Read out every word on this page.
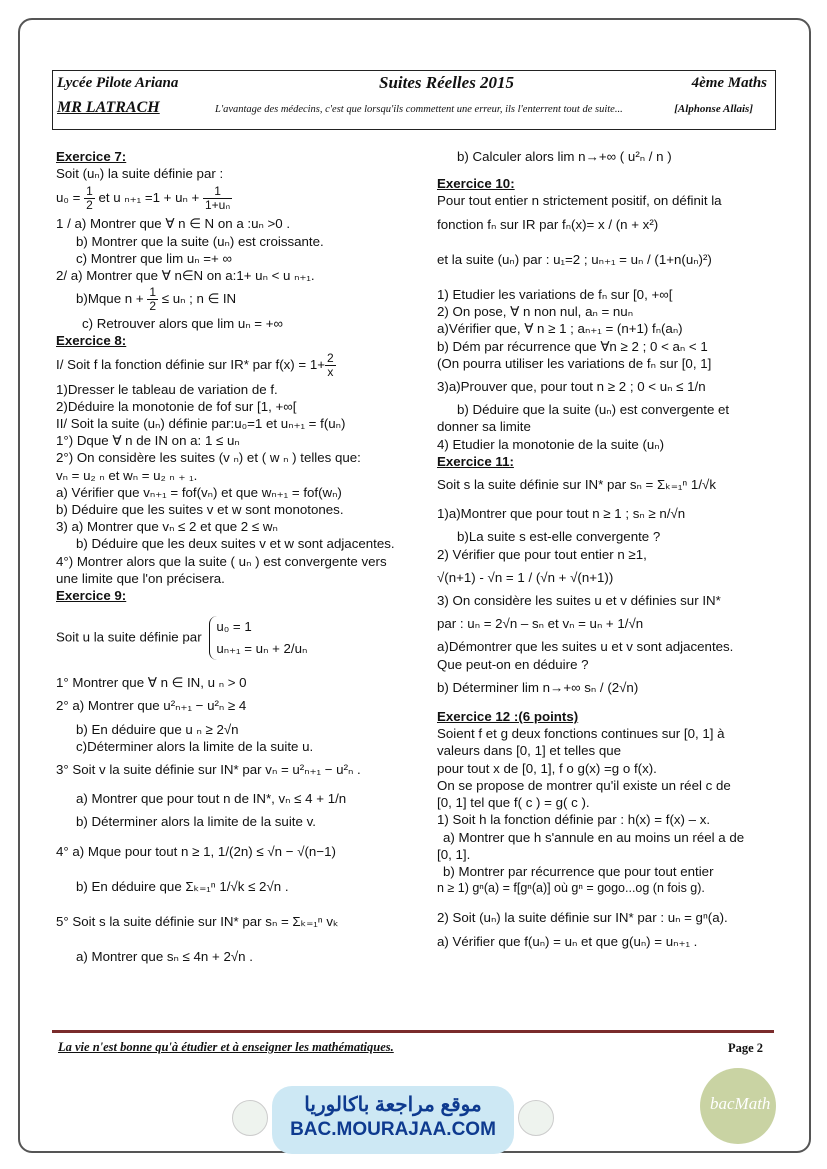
Lycée Pilote Ariana	Suites Réelles 2015	4ème Maths
MR LATRACH	L'avantage des médecins, c'est que lorsqu'ils commettent une erreur, ils l'enterrent tout de suite...	[Alphonse Allais]

Exercice 7:

Soit (uₙ) la suite définie par :

$u_0 = \frac{1}{2}$ et u $_{n+1} =1 + u_n + \frac{1}{\text{1+uₙ}}$

1 / a) Montrer que ∀ n ∈ N on a :uₙ >0 .

b) Montrer que la suite (uₙ) est croissante.

c) Montrer que lim uₙ =+ ∞

2/ a) Montrer que ∀ n∈N on a:1+ uₙ < u ₙ₊₁.

b)Mque $n + \frac{1}{2} \le u_n$ ; n ∈ IN

c) Retrouver alors que lim uₙ = +∞

Exercice 8:

I/ Soit f la fonction définie sur IR* par $f(x) = 1+ \frac{2}{x}$

1)Dresser le tableau de variation de f.

2)Déduire la monotonie de fof sur [1, +∞[

II/ Soit la suite (uₙ) définie par:u₀=1 et uₙ₊₁ = f(uₙ)

1°) Dque ∀ n de IN on a: 1 ≤ uₙ

2°) On considère les suites (v ₙ) et ( w ₙ ) telles que:

vₙ = u₂ ₙ et wₙ = u₂ ₙ ₊ ₁.

a) Vérifier que vₙ₊₁ = fof(vₙ) et que wₙ₊₁ = fof(wₙ)

b) Déduire que les suites v et w sont monotones.

3) a) Montrer que vₙ ≤ 2 et que 2 ≤ wₙ

b) Déduire que les deux suites v et w sont adjacentes.

4°) Montrer alors que la suite ( uₙ ) est convergente vers

une limite que l'on précisera.

Exercice 9:

Soit u la suite définie par
u₀ = 1
uₙ₊₁ = uₙ + 2/uₙ

1° Montrer que ∀ n ∈ IN, u ₙ > 0

2° a) Montrer que u²ₙ₊₁ − u²ₙ ≥ 4

b) En déduire que u ₙ ≥ 2√n

c)Déterminer alors la limite de la suite u.

3° Soit v la suite définie sur IN* par vₙ = u²ₙ₊₁ − u²ₙ .

a) Montrer que pour tout n de IN*, vₙ ≤ 4 + 1/n

b) Déterminer alors la limite de la suite v.

4° a) Mque pour tout n ≥ 1, 1/(2n) ≤ √n − √(n−1)

b) En déduire que Σₖ₌₁ⁿ 1/√k ≤ 2√n .

5° Soit s la suite définie sur IN* par sₙ = Σₖ₌₁ⁿ vₖ

a) Montrer que sₙ ≤ 4n + 2√n .

b) Calculer alors lim n→+∞ ( u²ₙ / n )

Exercice 10:

Pour tout entier n strictement positif, on définit la

fonction fₙ sur IR par fₙ(x)= x / (n + x²)

et la suite (uₙ) par : u₁=2 ; uₙ₊₁ = uₙ / (1+n(uₙ)²)

1) Etudier les variations de fₙ sur [0, +∞[

2) On pose, ∀ n non nul, aₙ = nuₙ

a)Vérifier que, ∀ n ≥ 1 ; aₙ₊₁ = (n+1) fₙ(aₙ)

b) Dém par récurrence que ∀n ≥ 2 ; 0 < aₙ < 1

(On pourra utiliser les variations de fₙ sur [0, 1]

3)a)Prouver que, pour tout n ≥ 2 ; 0 < uₙ ≤ 1/n

b) Déduire que la suite (uₙ) est convergente et

donner sa limite

4) Etudier la monotonie de la suite (uₙ)

Exercice 11:

Soit s la suite définie sur IN* par sₙ = Σₖ₌₁ⁿ 1/√k

1)a)Montrer que pour tout n ≥ 1 ; sₙ ≥ n/√n

b)La suite s est-elle convergente ?

2) Vérifier que pour tout entier n ≥1,

√(n+1) - √n = 1 / (√n + √(n+1))

3) On considère les suites u et v définies sur IN*

par : uₙ = 2√n – sₙ et vₙ = uₙ + 1/√n

a)Démontrer que les suites u et v sont adjacentes.

Que peut-on en déduire ?

b) Déterminer lim n→+∞ sₙ / (2√n)

Exercice 12 :(6 points)

Soient f et g deux fonctions continues sur [0, 1] à

valeurs dans [0, 1] et telles que

pour tout x de [0, 1], f o g(x) =g o f(x).

On se propose de montrer qu'il existe un réel c de

[0, 1] tel que f( c ) = g( c ).

1) Soit h la fonction définie par : h(x) = f(x) – x.

a) Montrer que h s'annule en au moins un réel a de

[0, 1].

b) Montrer par récurrence que pour tout entier

n ≥ 1) gⁿ(a) = f[gⁿ(a)] où gⁿ = gogo...og (n fois g).

2) Soit (uₙ) la suite définie sur IN* par : uₙ = gⁿ(a).

a) Vérifier que f(uₙ) = uₙ et que g(uₙ) = uₙ₊₁ .

La vie n'est bonne qu'à étudier et à enseigner les mathématiques.	Page 2
موقع مراجعة باكالوريا
BAC.MOURAJAA.COM
bacMath
